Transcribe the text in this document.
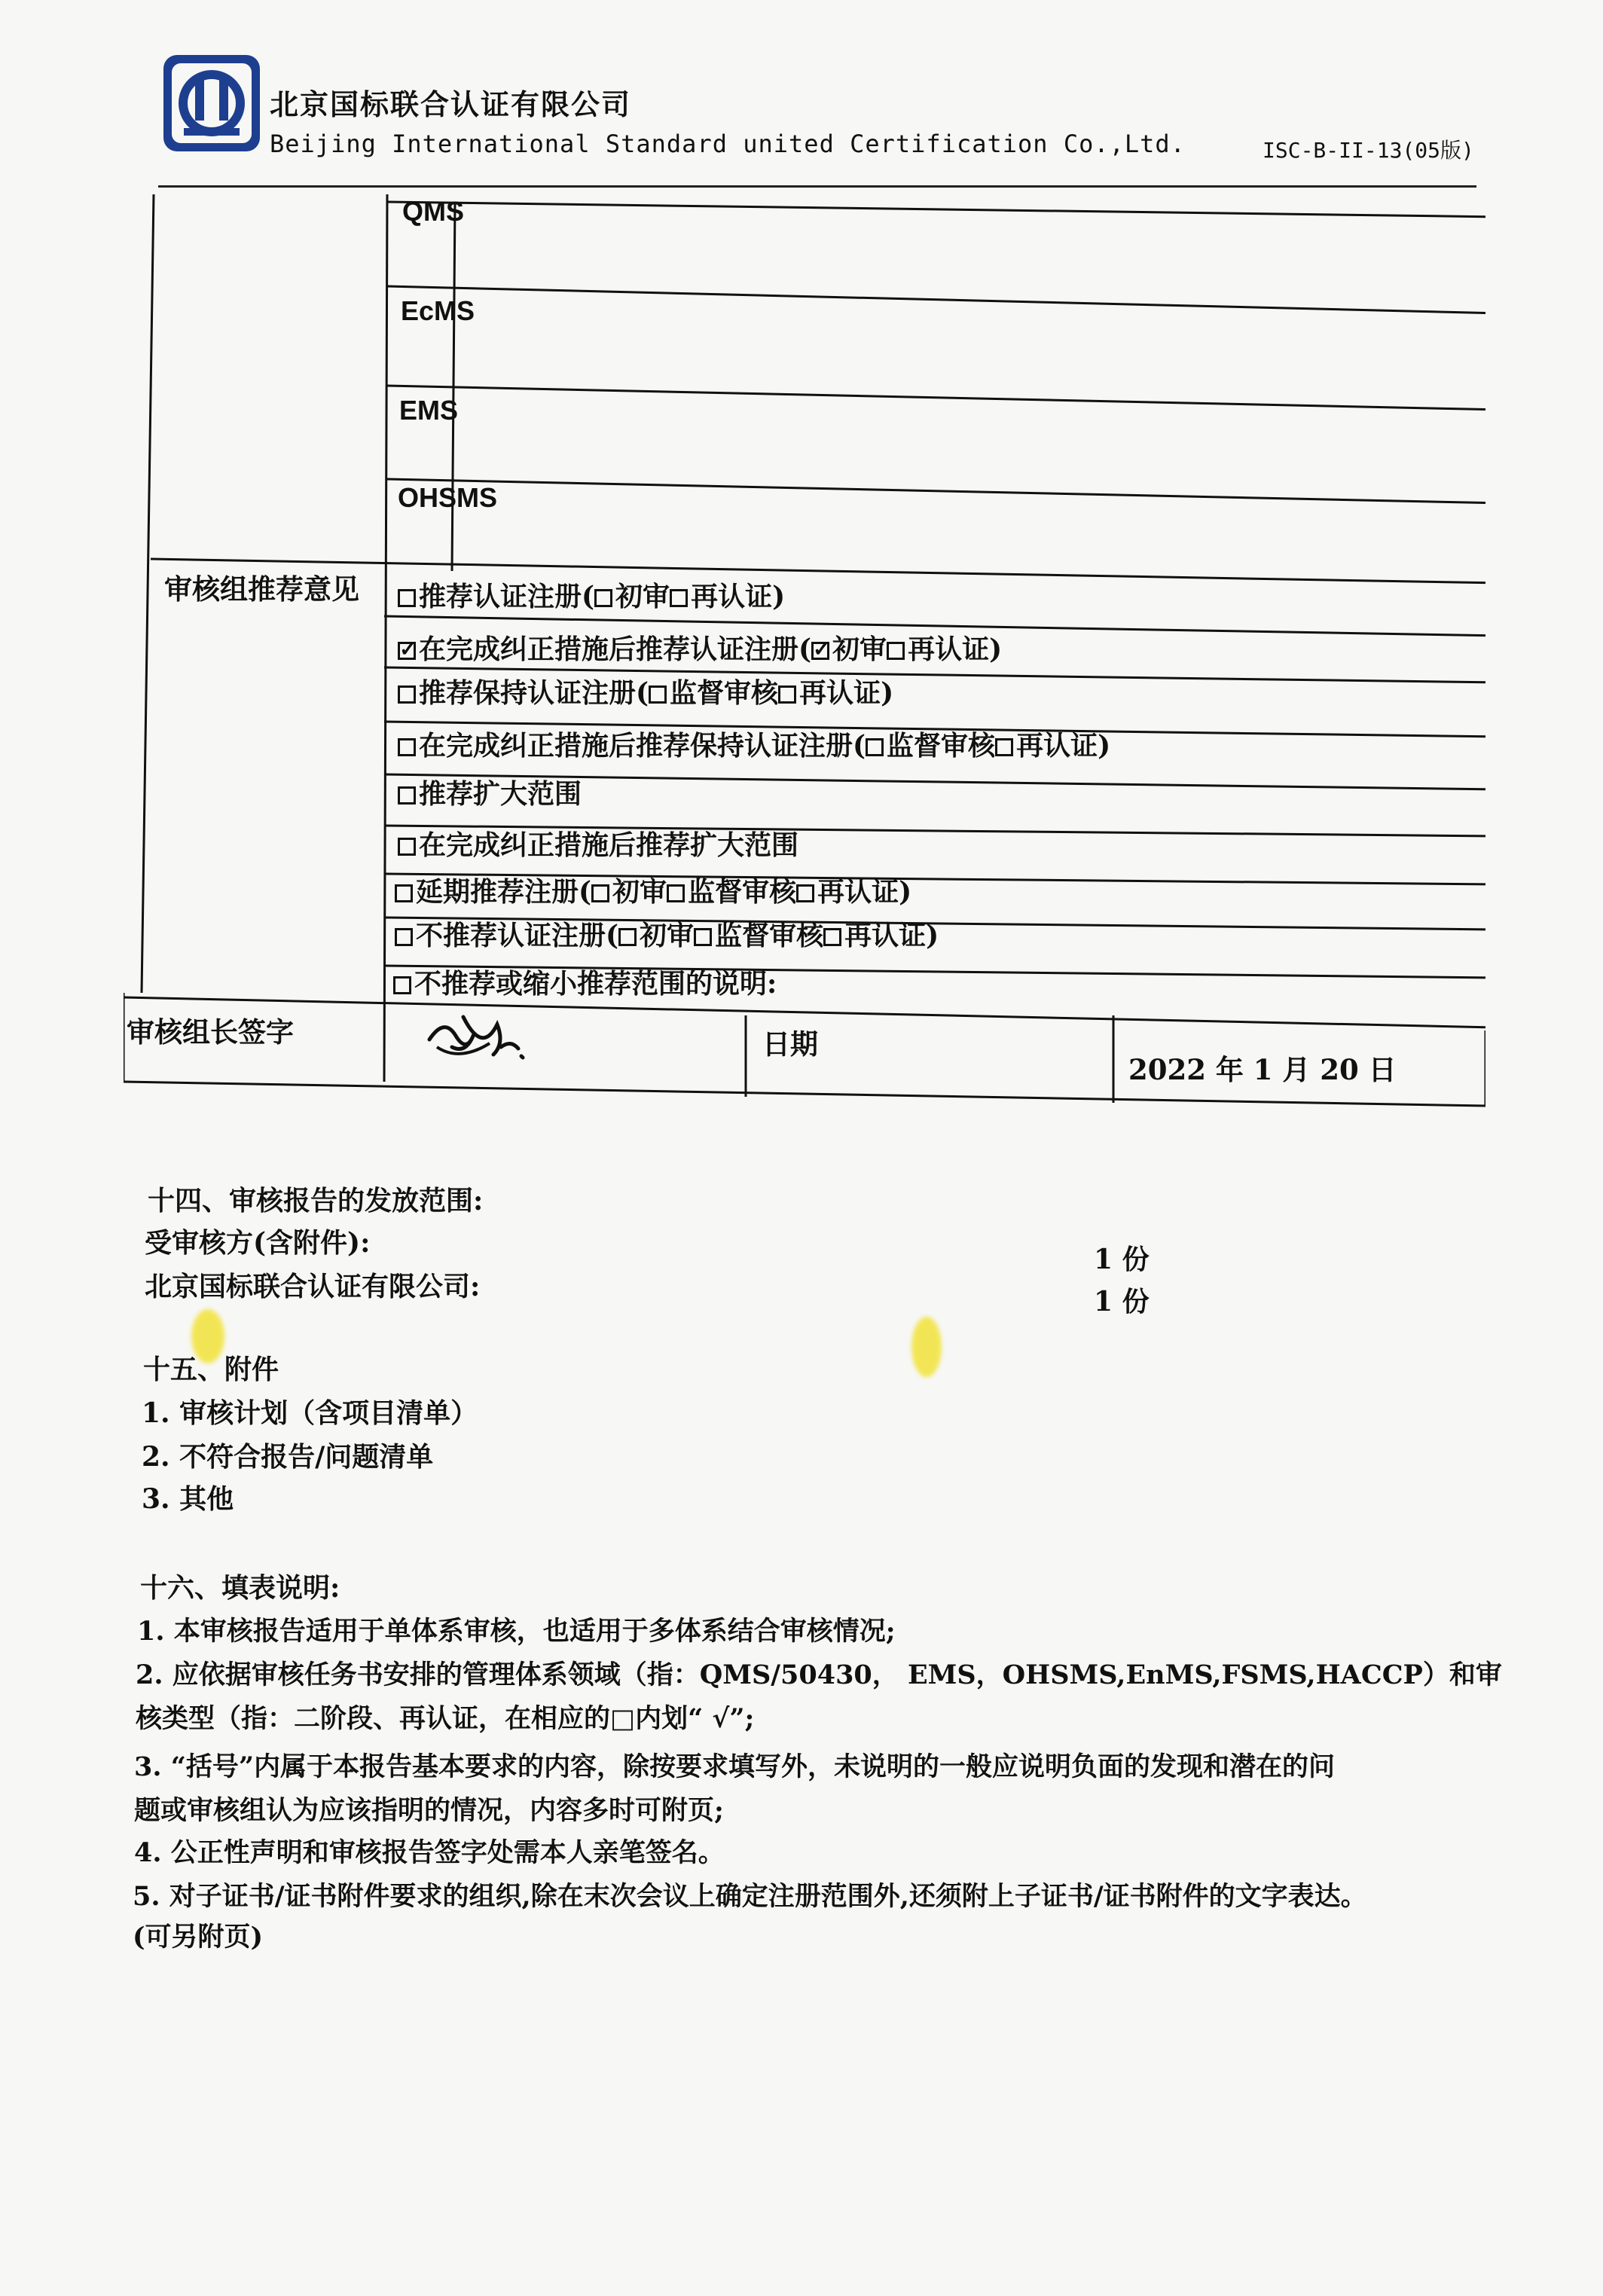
北京国标联合认证有限公司
Beijing International Standard united Certification Co.,Ltd.	ISC-B-II-13(05版)
QMS
EcMS
EMS
OHSMS
审核组推荐意见	推荐认证注册( 初审 再认证)
✓在完成纠正措施后推荐认证注册(✓ 初审 再认证)
推荐保持认证注册( 监督审核 再认证)
在完成纠正措施后推荐保持认证注册( 监督审核 再认证)
推荐扩大范围
在完成纠正措施后推荐扩大范围
延期推荐注册( 初审 监督审核 再认证)
不推荐认证注册( 初审 监督审核 再认证)
不推荐或缩小推荐范围的说明:
审核组长签字	日期
2022 年 1 月 20 日
十四、审核报告的发放范围:
受审核方(含附件):
1 份
北京国标联合认证有限公司:	1 份
十五、附件
1. 审核计划（含项目清单）
2. 不符合报告/问题清单
3. 其他
十六、填表说明:
1. 本审核报告适用于单体系审核，也适用于多体系结合审核情况;
2. 应依据审核任务书安排的管理体系领域（指：QMS/50430， EMS，OHSMS,EnMS,FSMS,HACCP）和审
核类型（指：二阶段、再认证，在相应的□内划“ √”;
3. “括号”内属于本报告基本要求的内容，除按要求填写外，未说明的一般应说明负面的发现和潜在的问
题或审核组认为应该指明的情况，内容多时可附页;
4. 公正性声明和审核报告签字处需本人亲笔签名。
5. 对子证书/证书附件要求的组织,除在末次会议上确定注册范围外,还须附上子证书/证书附件的文字表达。
(可另附页)
